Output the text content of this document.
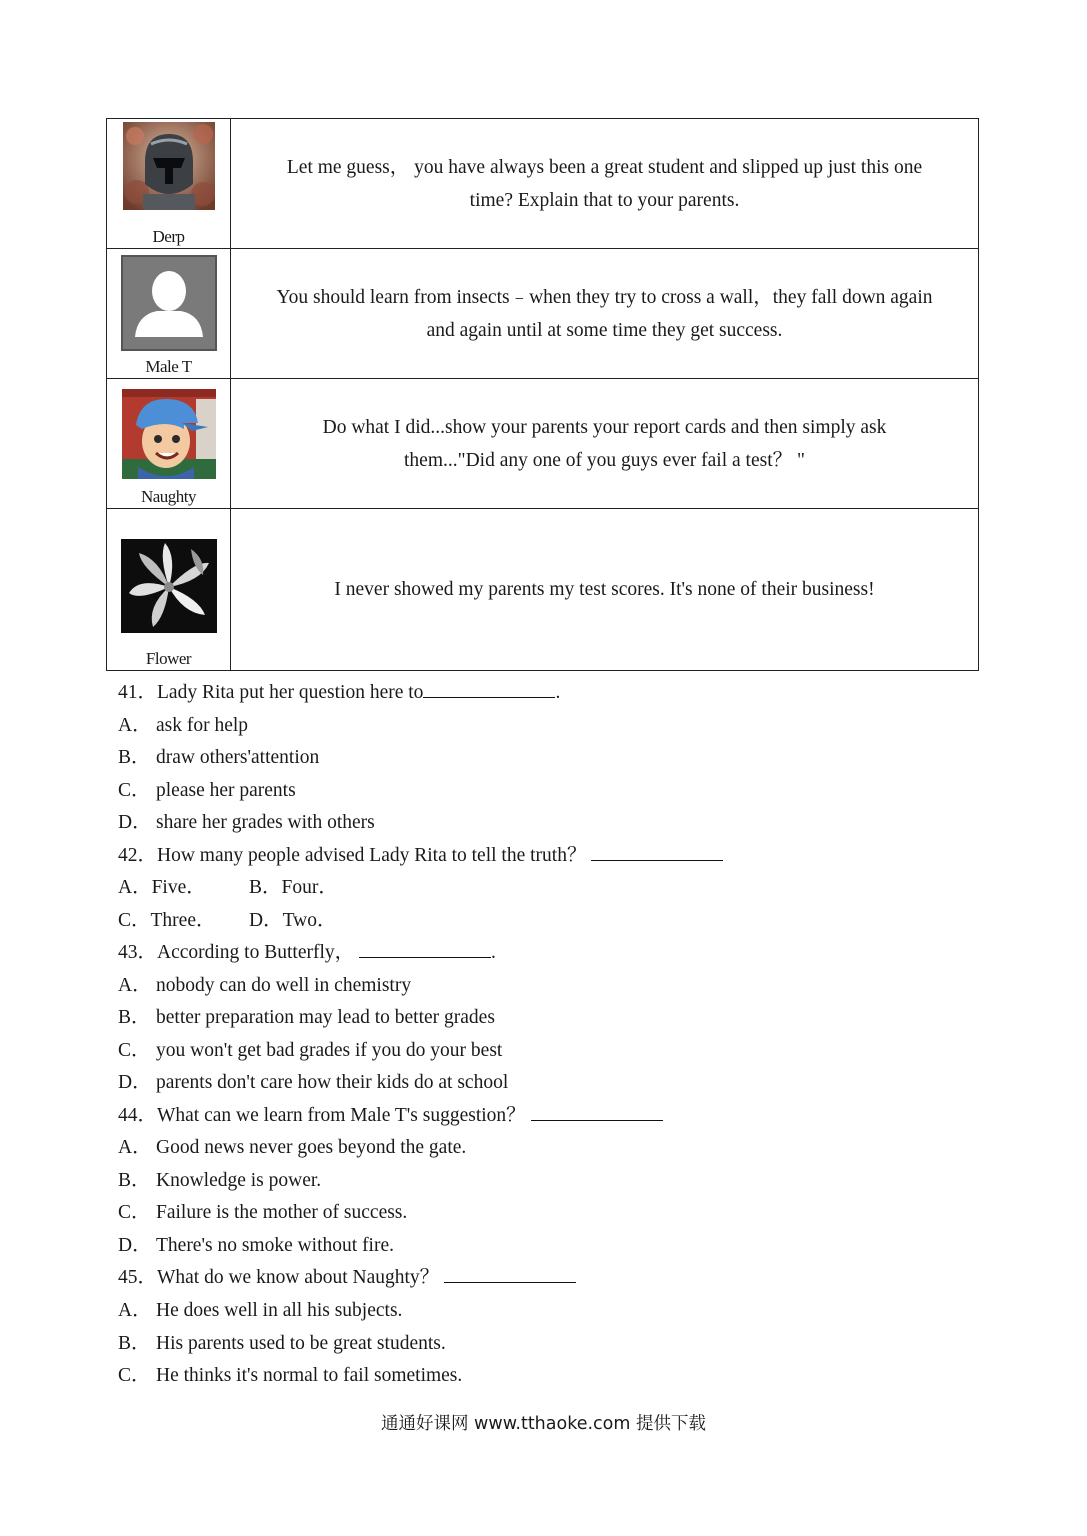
Derp	Let me guess， you have always been a great student and slipped up just this one
time? Explain that to your parents.

Male T	You should learn from insects﹣when they try to cross a wall，they fall down again
and again until at some time they get success.

Naughty	Do what I did...show your parents your report cards and then simply ask
them..."Did any one of you guys ever fail a test？ "

Flower	I never showed my parents my test scores. It's none of their business!
41．Lady Rita put her question here to	.
A． ask for help
B． draw others'attention
C． please her parents
D． share her grades with others
42．How many people advised Lady Rita to tell the truth？
A．Five． B．Four．
C．Three． D．Two．
43．According to Butterfly，	.
A． nobody can do well in chemistry
B． better preparation may lead to better grades
C． you won't get bad grades if you do your best
D． parents don't care how their kids do at school
44．What can we learn from Male T's suggestion？
A． Good news never goes beyond the gate.
B． Knowledge is power.
C． Failure is the mother of success.
D． There's no smoke without fire.
45．What do we know about Naughty？
A． He does well in all his subjects.
B． His parents used to be great students.
C． He thinks it's normal to fail sometimes.
通通好课网 www.tthaoke.com 提供下载
